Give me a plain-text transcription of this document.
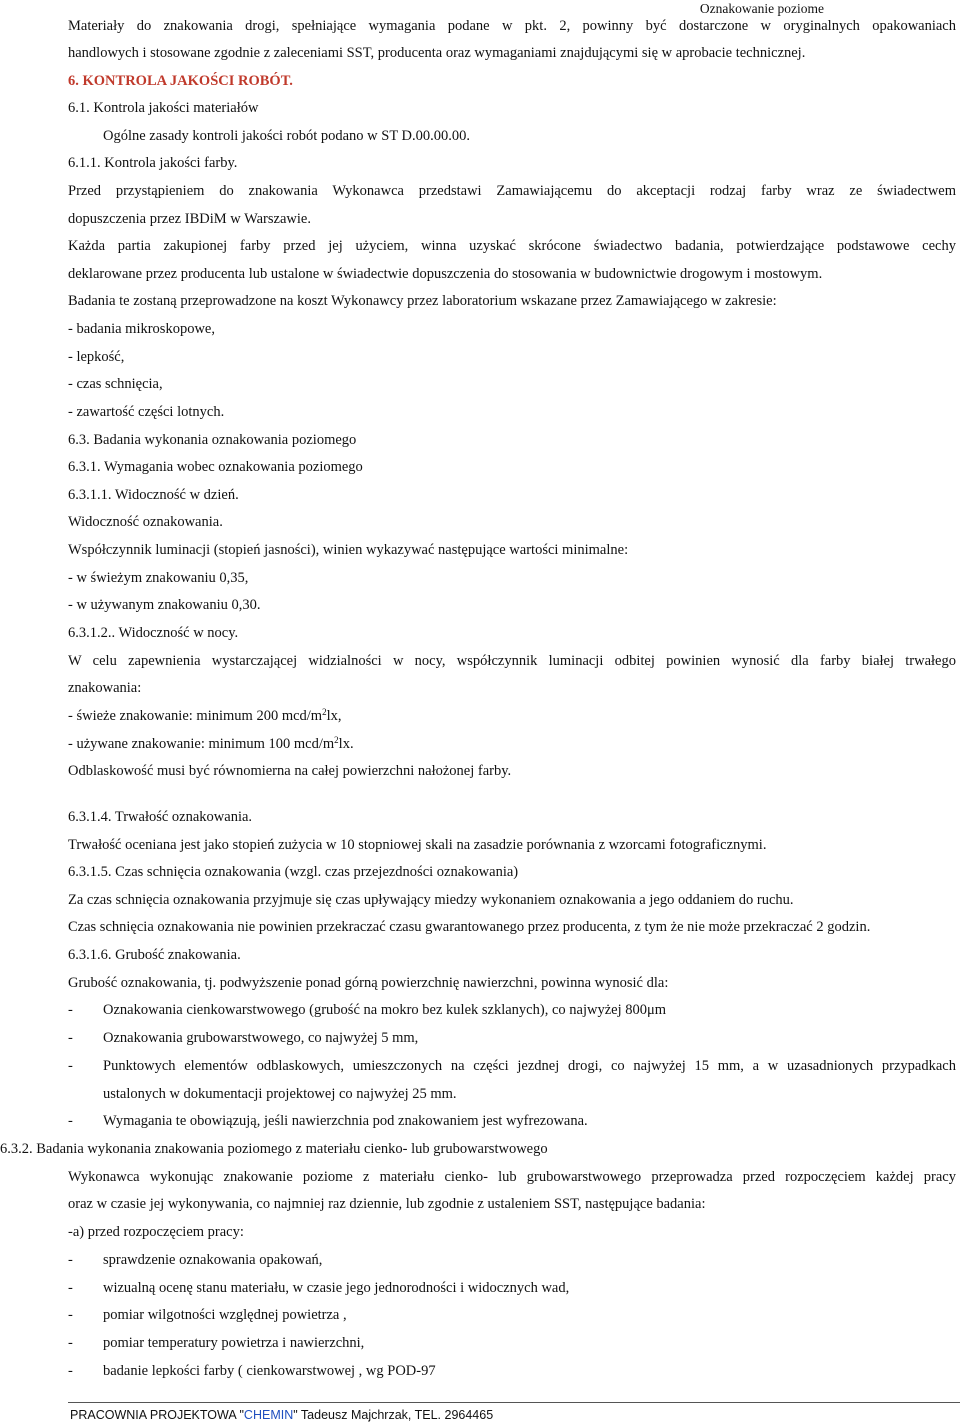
Oznakowanie poziome
Materiały do znakowania drogi, spełniające wymagania podane w pkt. 2, powinny być dostarczone w oryginalnych opakowaniach
handlowych i stosowane zgodnie z zaleceniami SST, producenta oraz wymaganiami znajdującymi się w aprobacie technicznej.
6. KONTROLA JAKOŚCI ROBÓT.
6.1. Kontrola jakości materiałów
Ogólne zasady kontroli jakości robót podano w ST D.00.00.00.
6.1.1. Kontrola jakości farby.
Przed przystąpieniem do znakowania Wykonawca przedstawi Zamawiającemu do akceptacji rodzaj farby wraz ze świadectwem
dopuszczenia przez IBDiM w Warszawie.
Każda partia zakupionej farby przed jej użyciem, winna uzyskać skrócone świadectwo badania, potwierdzające podstawowe cechy
deklarowane przez producenta lub ustalone w świadectwie dopuszczenia do stosowania w budownictwie drogowym i mostowym.
Badania te zostaną przeprowadzone na koszt Wykonawcy przez laboratorium wskazane przez Zamawiającego w zakresie:
- badania mikroskopowe,
- lepkość,
- czas schnięcia,
- zawartość części lotnych.
6.3. Badania wykonania oznakowania poziomego
6.3.1. Wymagania wobec oznakowania poziomego
6.3.1.1. Widoczność w dzień.
Widoczność oznakowania.
Współczynnik luminacji (stopień jasności), winien wykazywać następujące wartości minimalne:
- w świeżym znakowaniu 0,35,
- w używanym znakowaniu 0,30.
6.3.1.2.. Widoczność w nocy.
W celu zapewnienia wystarczającej widzialności w nocy, współczynnik luminacji odbitej powinien wynosić dla farby białej trwałego
znakowania:
- świeże znakowanie: minimum 200 mcd/$m^2lx$,
- używane znakowanie: minimum 100 mcd/$m^2lx$.
Odblaskowość musi być równomierna na całej powierzchni nałożonej farby.
6.3.1.4. Trwałość oznakowania.
Trwałość oceniana jest jako stopień zużycia w 10 stopniowej skali na zasadzie porównania z wzorcami fotograficznymi.
6.3.1.5. Czas schnięcia oznakowania (wzgl. czas przejezdności oznakowania)
Za czas schnięcia oznakowania przyjmuje się czas upływający miedzy wykonaniem oznakowania a jego oddaniem do ruchu.
Czas schnięcia oznakowania nie powinien przekraczać czasu gwarantowanego przez producenta, z tym że nie może przekraczać 2 godzin.
6.3.1.6. Grubość znakowania.
Grubość oznakowania, tj. podwyższenie ponad górną powierzchnię nawierzchni, powinna wynosić dla:
- Oznakowania cienkowarstwowego (grubość na mokro bez kulek szklanych), co najwyżej 800μm
- Oznakowania grubowarstwowego, co najwyżej 5 mm,
- Punktowych elementów odblaskowych, umieszczonych na części jezdnej drogi, co najwyżej 15 mm, a w uzasadnionych przypadkach
ustalonych w dokumentacji projektowej co najwyżej 25 mm.
- Wymagania te obowiązują, jeśli nawierzchnia pod znakowaniem jest wyfrezowana.
6.3.2. Badania wykonania znakowania poziomego z materiału cienko- lub grubowarstwowego
Wykonawca wykonując znakowanie poziome z materiału cienko- lub grubowarstwowego przeprowadza przed rozpoczęciem każdej pracy
oraz w czasie jej wykonywania, co najmniej raz dziennie, lub zgodnie z ustaleniem SST, następujące badania:
-a) przed rozpoczęciem pracy:
- sprawdzenie oznakowania opakowań,
- wizualną ocenę stanu materiału, w czasie jego jednorodności i widocznych wad,
- pomiar wilgotności względnej powietrza ,
- pomiar temperatury powietrza i nawierzchni,
- badanie lepkości farby ( cienkowarstwowej , wg POD-97
PRACOWNIA PROJEKTOWA "CHEMIN" Tadeusz Majchrzak, TEL. 2964465
